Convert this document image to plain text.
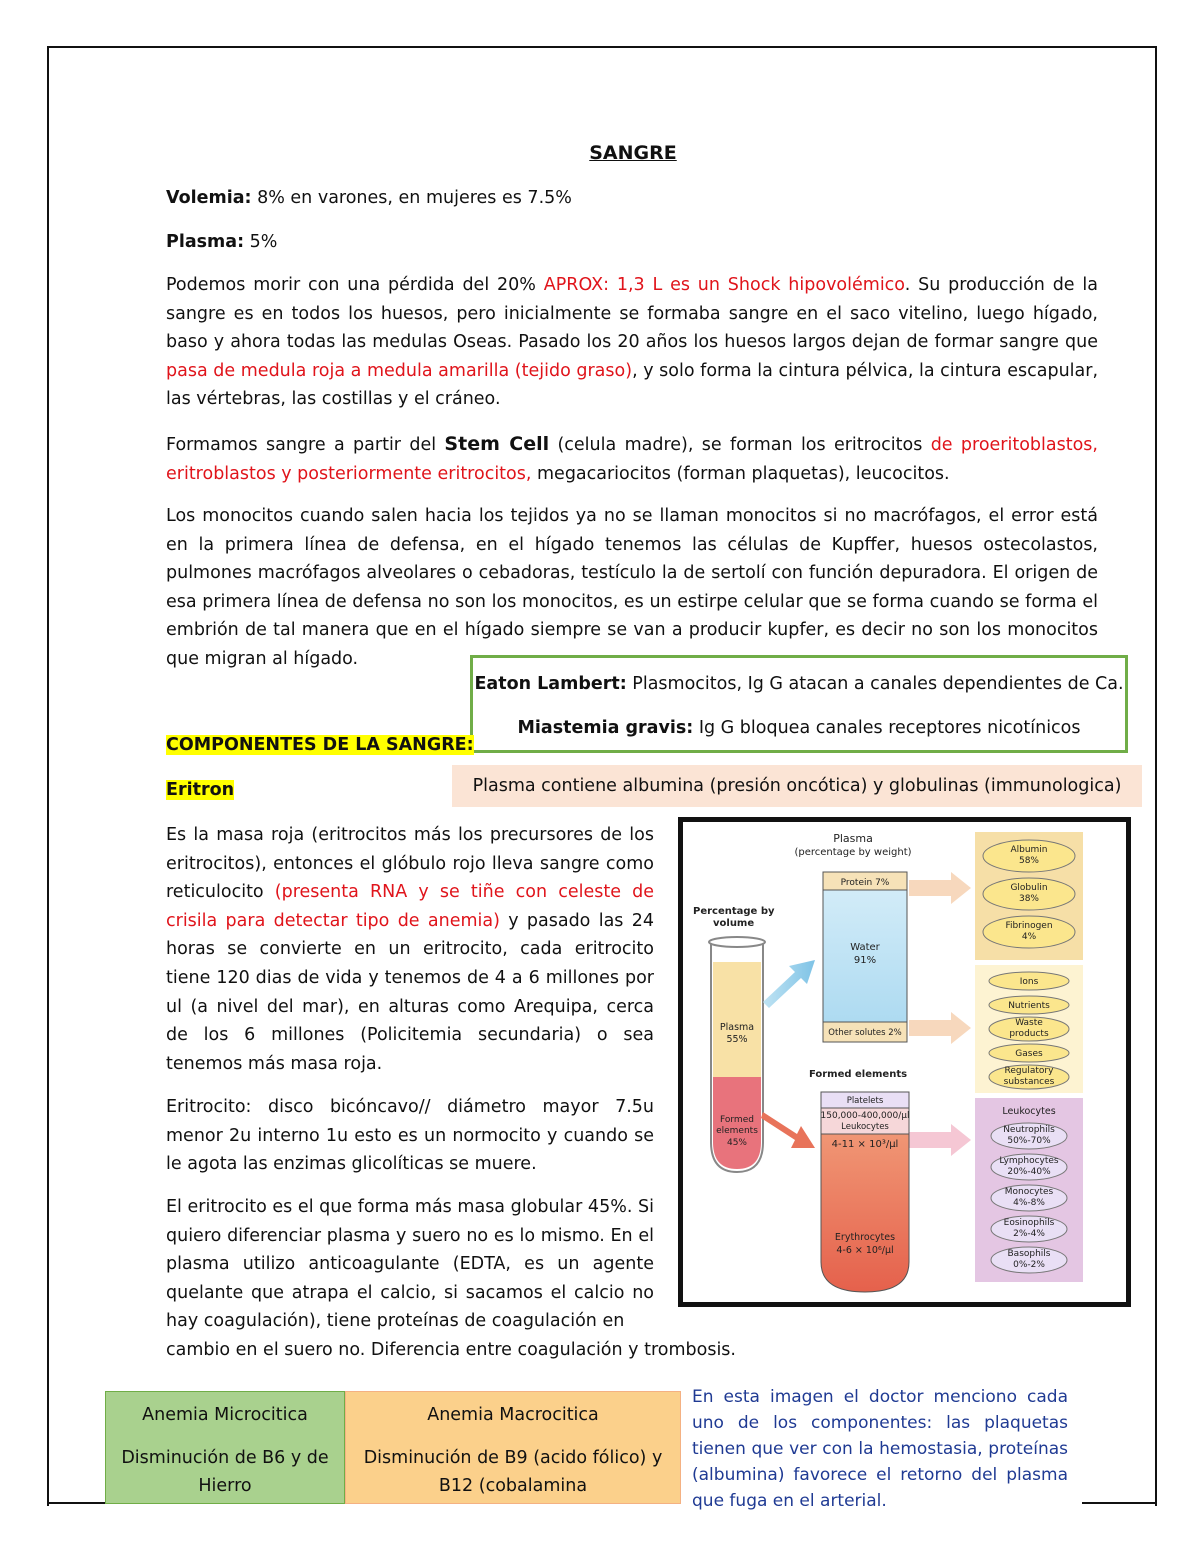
SANGRE
Volemia: 8% en varones, en mujeres es 7.5%
Plasma: 5%
Podemos morir con una pérdida del 20% APROX: 1,3 L es un Shock hipovolémico. Su producción de la sangre es en todos los huesos, pero inicialmente se formaba sangre en el saco vitelino, luego hígado, baso y ahora todas las medulas Oseas. Pasado los 20 años los huesos largos dejan de formar sangre que pasa de medula roja a medula amarilla (tejido graso), y solo forma la cintura pélvica, la cintura escapular, las vértebras, las costillas y el cráneo.
Formamos sangre a partir del Stem Cell (celula madre), se forman los eritrocitos de proeritoblastos, eritroblastos y posteriormente eritrocitos, megacariocitos (forman plaquetas), leucocitos.
Los monocitos cuando salen hacia los tejidos ya no se llaman monocitos si no macrófagos, el error está en la primera línea de defensa, en el hígado tenemos las células de Kupffer, huesos ostecolastos, pulmones macrófagos alveolares o cebadoras, testículo la de sertolí con función depuradora. El origen de esa primera línea de defensa no son los monocitos, es un estirpe celular que se forma cuando se forma el embrión de tal manera que en el hígado siempre se van a producir kupfer, es decir no son los monocitos que migran al hígado.
Eaton Lambert: Plasmocitos, Ig G atacan a canales dependientes de Ca.
Miastemia gravis: Ig G bloquea canales receptores nicotínicos
COMPONENTES DE LA SANGRE:
Eritron	Plasma contiene albumina (presión oncótica) y globulinas (immunologica)
Es la masa roja (eritrocitos más los precursores de los eritrocitos), entonces el glóbulo rojo lleva sangre como reticulocito (presenta RNA y se tiñe con celeste de crisila para detectar tipo de anemia) y pasado las 24 horas se convierte en un eritrocito, cada eritrocito tiene 120 dias de vida y tenemos de 4 a 6 millones por ul (a nivel del mar), en alturas como Arequipa, cerca de los 6 millones (Policitemia secundaria) o sea tenemos más masa roja.
Eritrocito: disco bicóncavo// diámetro mayor 7.5u menor 2u interno 1u esto es un normocito y cuando se le agota las enzimas glicolíticas se muere.
El eritrocito es el que forma más masa globular 45%. Si quiero diferenciar plasma y suero no es lo mismo. En el plasma utilizo anticoagulante (EDTA, es un agente quelante que atrapa el calcio, si sacamos el calcio no hay coagulación), tiene proteínas de coagulación en
cambio en el suero no. Diferencia entre coagulación y trombosis.
Plasma
(percentage by weight)
Protein 7%
Water
91%
Other solutes 2%
Percentage by
volume
Plasma
55%
Formed
elements
45%
Formed elements
Platelets
150,000-400,000/µl
Leukocytes
4-11 × 10³/µl
Erythrocytes
4-6 × 10⁶/µl
Albumin
58%
Globulin
38%
Fibrinogen
4%
Ions
Nutrients
Waste
products
Gases
Regulatory
substances
Leukocytes
Neutrophils
50%-70%
Lymphocytes
20%-40%
Monocytes
4%-8%
Eosinophils
2%-4%
Basophils
0%-2%
Anemia Microcitica
Disminución de B6 y de Hierro
Anemia Macrocitica
Disminución de B9 (acido fólico) y B12 (cobalamina
En esta imagen el doctor menciono cada uno de los componentes: las plaquetas tienen que ver con la hemostasia, proteínas (albumina) favorece el retorno del plasma que fuga en el arterial.
